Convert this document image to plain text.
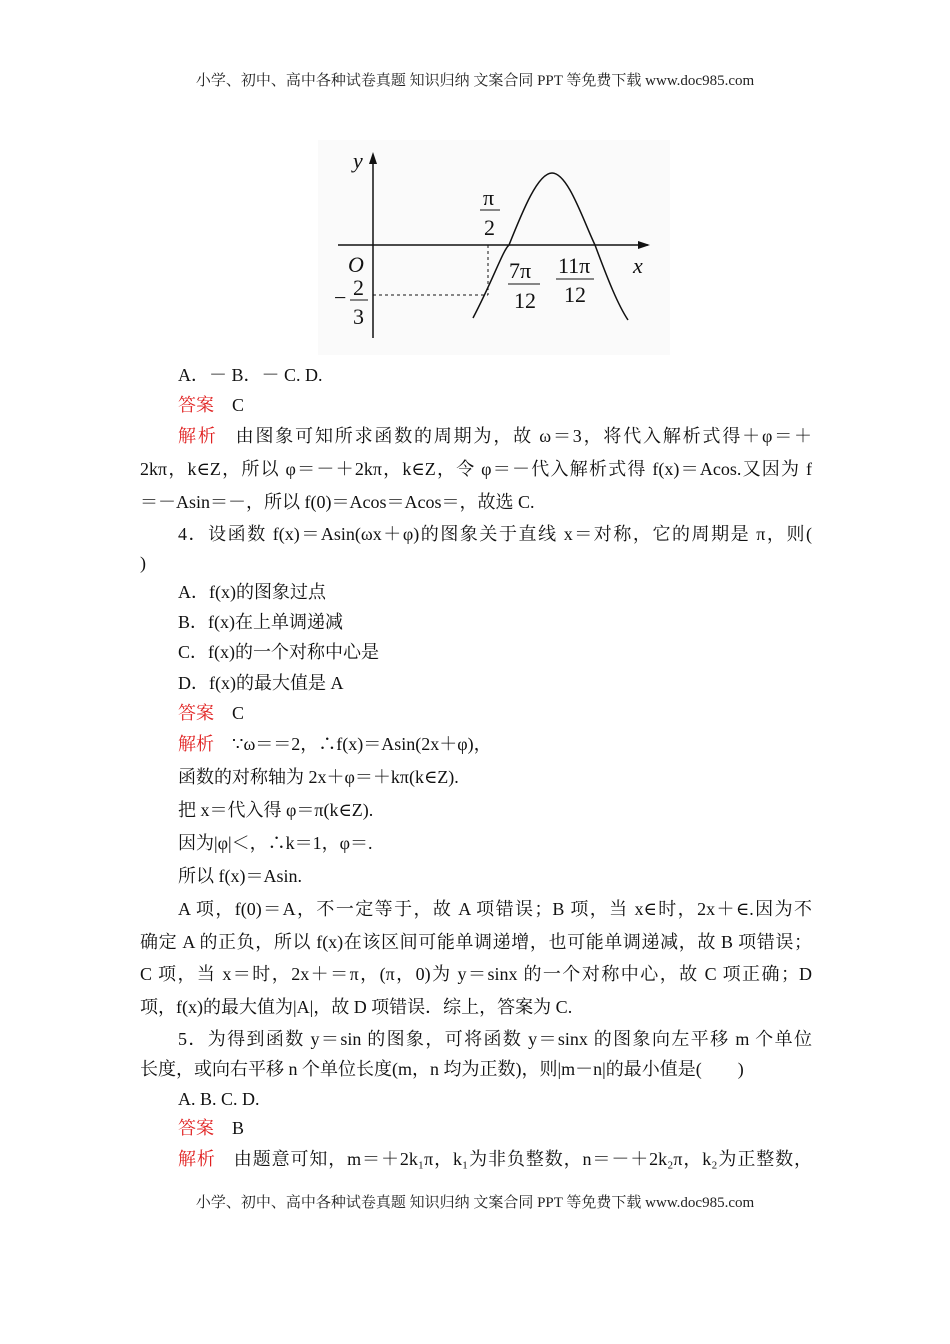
小学、初中、高中各种试卷真题 知识归纳 文案合同 PPT 等免费下载 www.doc985.com
y
x
O
π
2
− 2
3
7π
12
11π
12
A．－ B．－ C. D.
答案 C
解析 由图象可知所求函数的周期为，故 ω＝3，将代入解析式得＋φ＝＋
2kπ，k∈Z，所以 φ＝－＋2kπ，k∈Z，令 φ＝－代入解析式得 f(x)＝Acos.又因为 f
＝－Asin＝－，所以 f(0)＝Acos＝Acos＝，故选 C.
4．设函数 f(x)＝Asin(ωx＋φ)的图象关于直线 x＝对称，它的周期是 π，则(
)
A．f(x)的图象过点
B．f(x)在上单调递减
C．f(x)的一个对称中心是
D．f(x)的最大值是 A
答案 C
解析 ∵ω＝＝2，∴f(x)＝Asin(2x＋φ)，
函数的对称轴为 2x＋φ＝＋kπ(k∈Z).
把 x＝代入得 φ＝π(k∈Z).
因为|φ|＜，∴k＝1，φ＝.
所以 f(x)＝Asin.
A 项，f(0)＝A，不一定等于，故 A 项错误；B 项，当 x∈时，2x＋∈.因为不
确定 A 的正负，所以 f(x)在该区间可能单调递增，也可能单调递减，故 B 项错误；
C 项，当 x＝时，2x＋＝π，(π，0)为 y＝sinx 的一个对称中心，故 C 项正确；D
项，f(x)的最大值为|A|，故 D 项错误．综上，答案为 C.
5．为得到函数 y＝sin 的图象，可将函数 y＝sinx 的图象向左平移 m 个单位
长度，或向右平移 n 个单位长度(m，n 均为正数)，则|m－n|的最小值是(　　)
A. B. C. D.
答案 B
解析 由题意可知，m＝＋2k₁π，k₁为非负整数，n＝－＋2k₂π，k₂为正整数，
小学、初中、高中各种试卷真题 知识归纳 文案合同 PPT 等免费下载 www.doc985.com
